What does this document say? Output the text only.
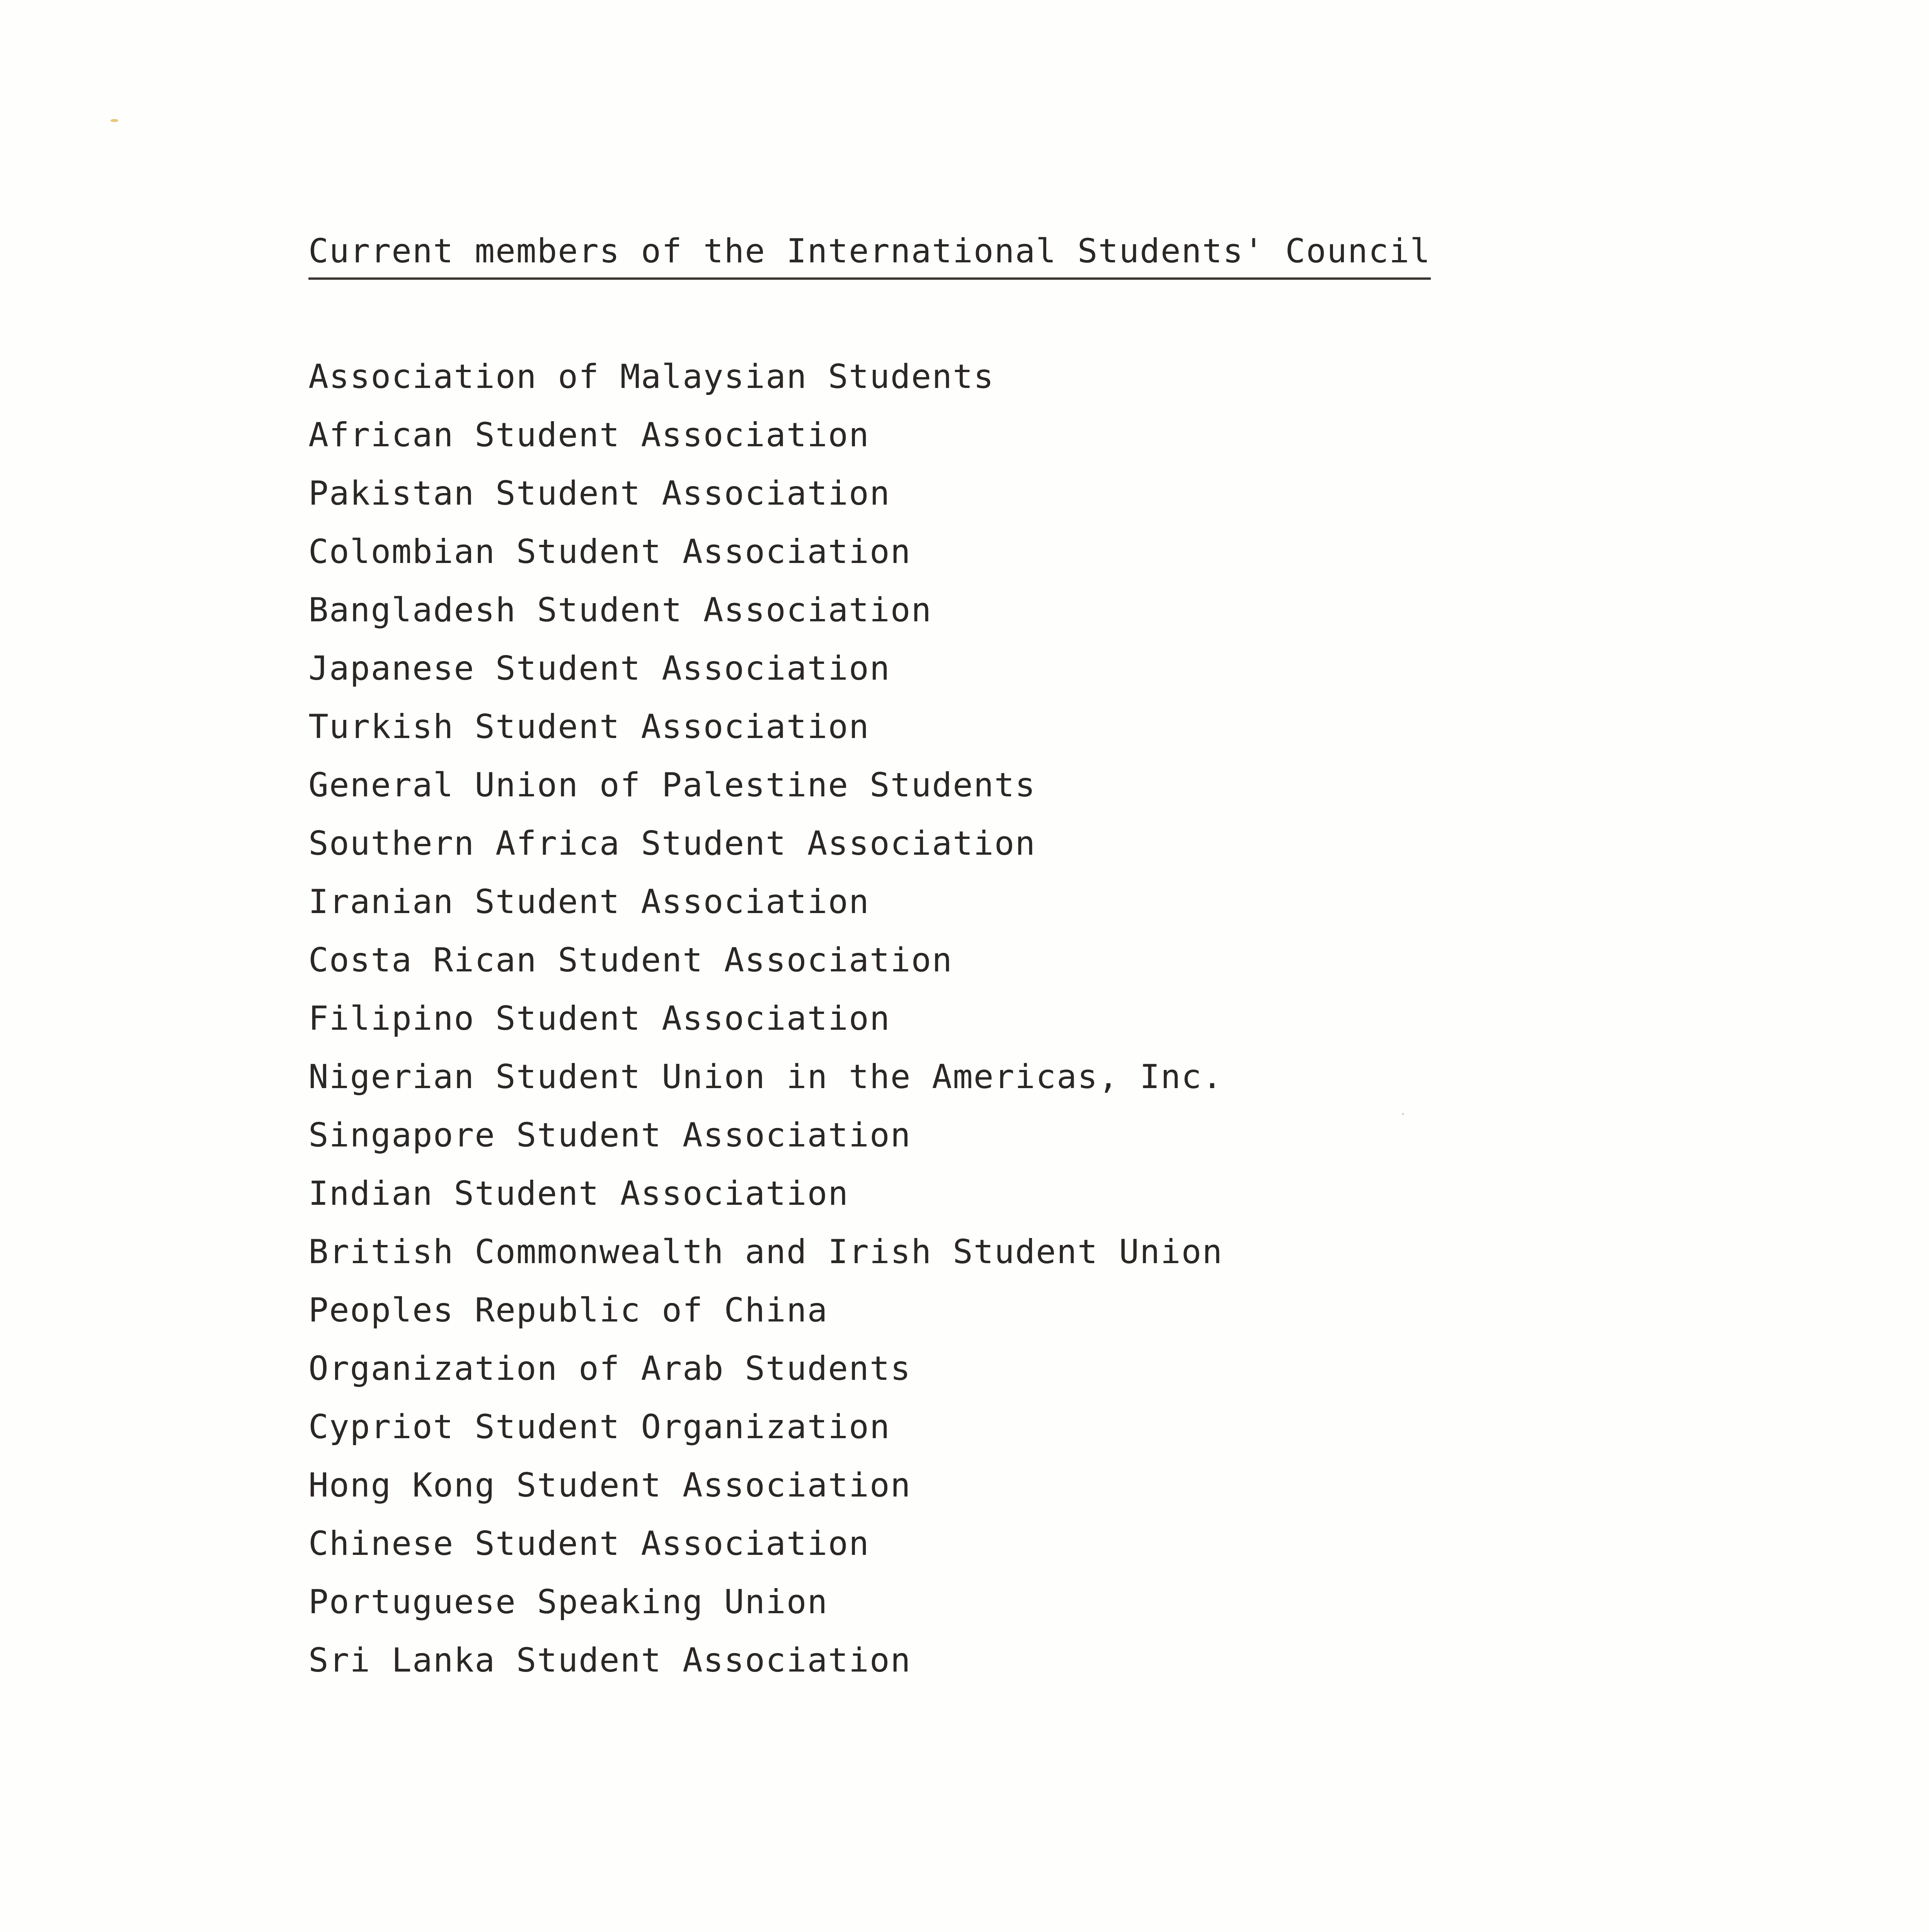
Current members of the International Students' Council
Association of Malaysian Students
African Student Association
Pakistan Student Association
Colombian Student Association
Bangladesh Student Association
Japanese Student Association
Turkish Student Association
General Union of Palestine Students
Southern Africa Student Association
Iranian Student Association
Costa Rican Student Association
Filipino Student Association
Nigerian Student Union in the Americas, Inc.
Singapore Student Association
Indian Student Association
British Commonwealth and Irish Student Union
Peoples Republic of China
Organization of Arab Students
Cypriot Student Organization
Hong Kong Student Association
Chinese Student Association
Portuguese Speaking Union
Sri Lanka Student Association
